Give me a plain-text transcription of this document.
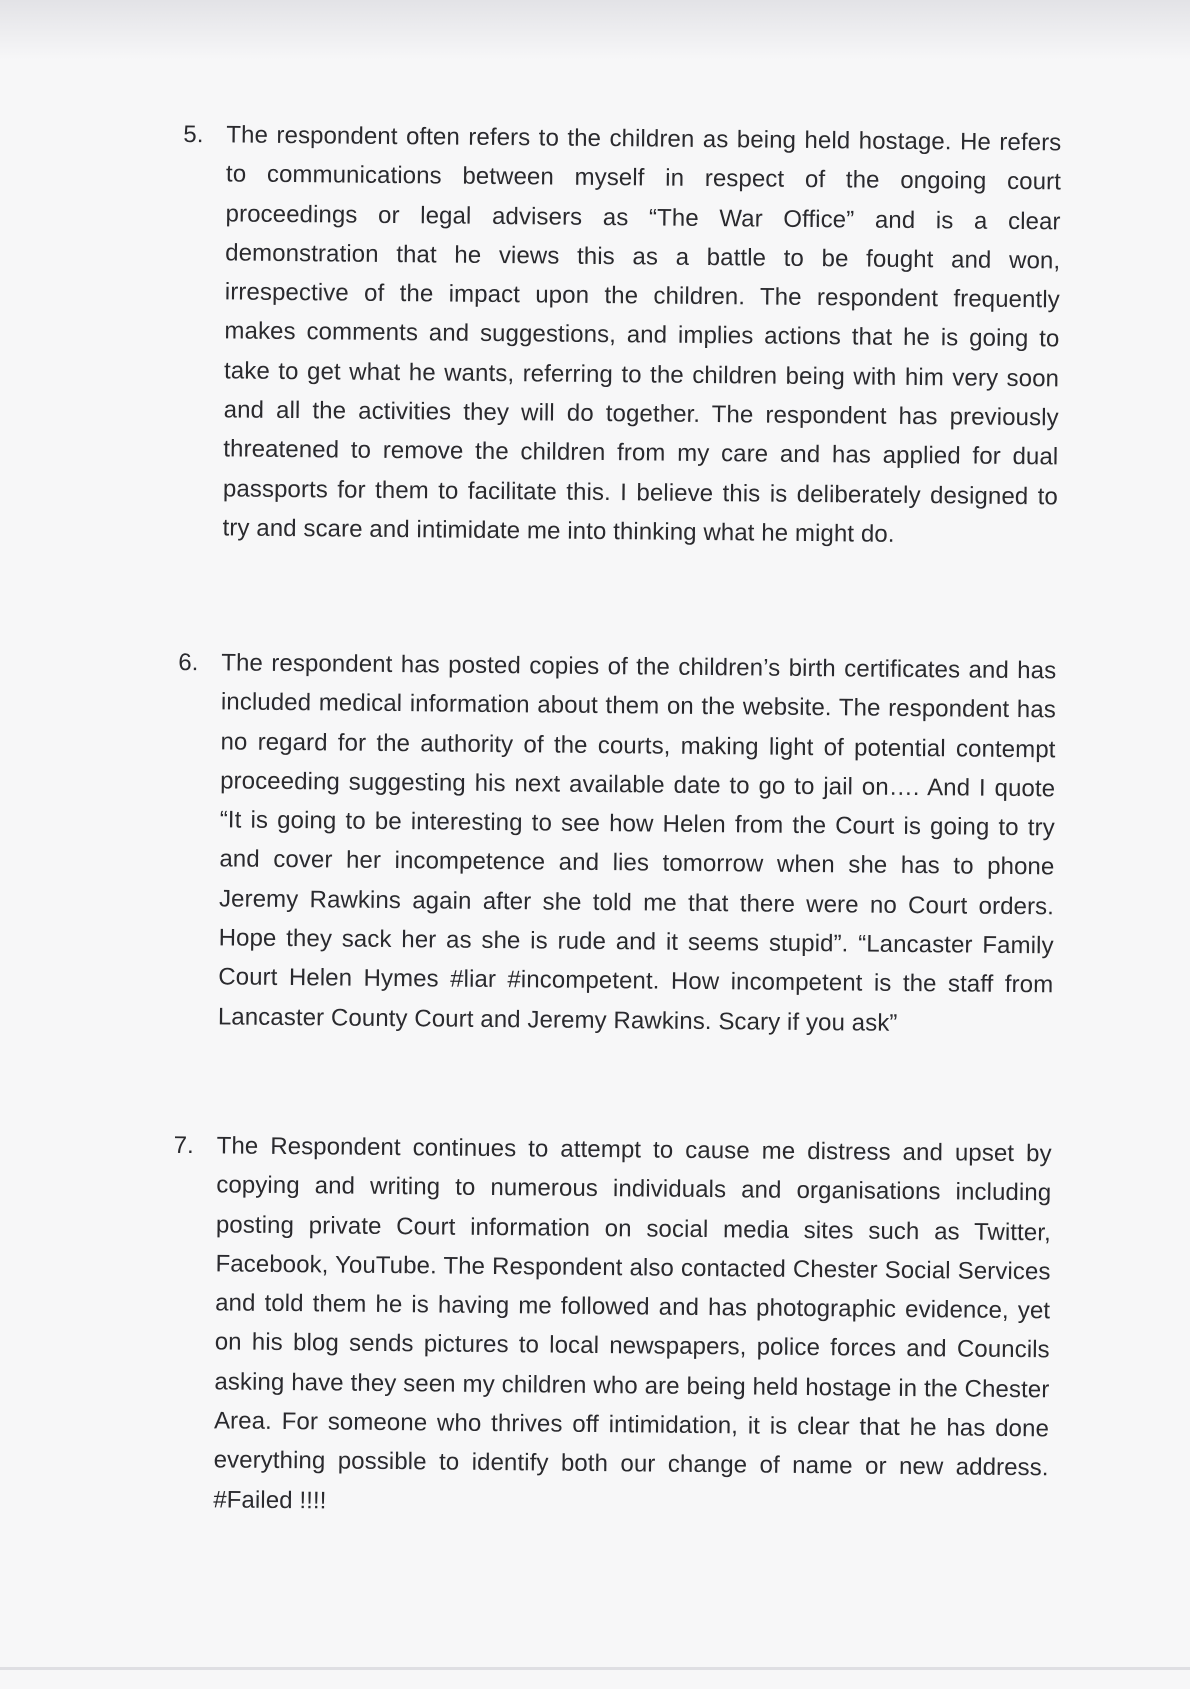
5. The respondent often refers to the children as being held hostage. He refers to communications between myself in respect of the ongoing court proceedings or legal advisers as “The War Office” and is a clear demonstration that he views this as a battle to be fought and won, irrespective of the impact upon the children. The respondent frequently makes comments and suggestions, and implies actions that he is going to take to get what he wants, referring to the children being with him very soon and all the activities they will do together. The respondent has previously threatened to remove the children from my care and has applied for dual passports for them to facilitate this. I believe this is deliberately designed to try and scare and intimidate me into thinking what he might do.
6. The respondent has posted copies of the children’s birth certificates and has included medical information about them on the website. The respondent has no regard for the authority of the courts, making light of potential contempt proceeding suggesting his next available date to go to jail on…. And I quote “It is going to be interesting to see how Helen from the Court is going to try and cover her incompetence and lies tomorrow when she has to phone Jeremy Rawkins again after she told me that there were no Court orders. Hope they sack her as she is rude and it seems stupid”. “Lancaster Family Court Helen Hymes #liar #incompetent. How incompetent is the staff from Lancaster County Court and Jeremy Rawkins. Scary if you ask”
7. The Respondent continues to attempt to cause me distress and upset by copying and writing to numerous individuals and organisations including posting private Court information on social media sites such as Twitter, Facebook, YouTube. The Respondent also contacted Chester Social Services and told them he is having me followed and has photographic evidence, yet on his blog sends pictures to local newspapers, police forces and Councils asking have they seen my children who are being held hostage in the Chester Area. For someone who thrives off intimidation, it is clear that he has done everything possible to identify both our change of name or new address. #Failed !!!!
